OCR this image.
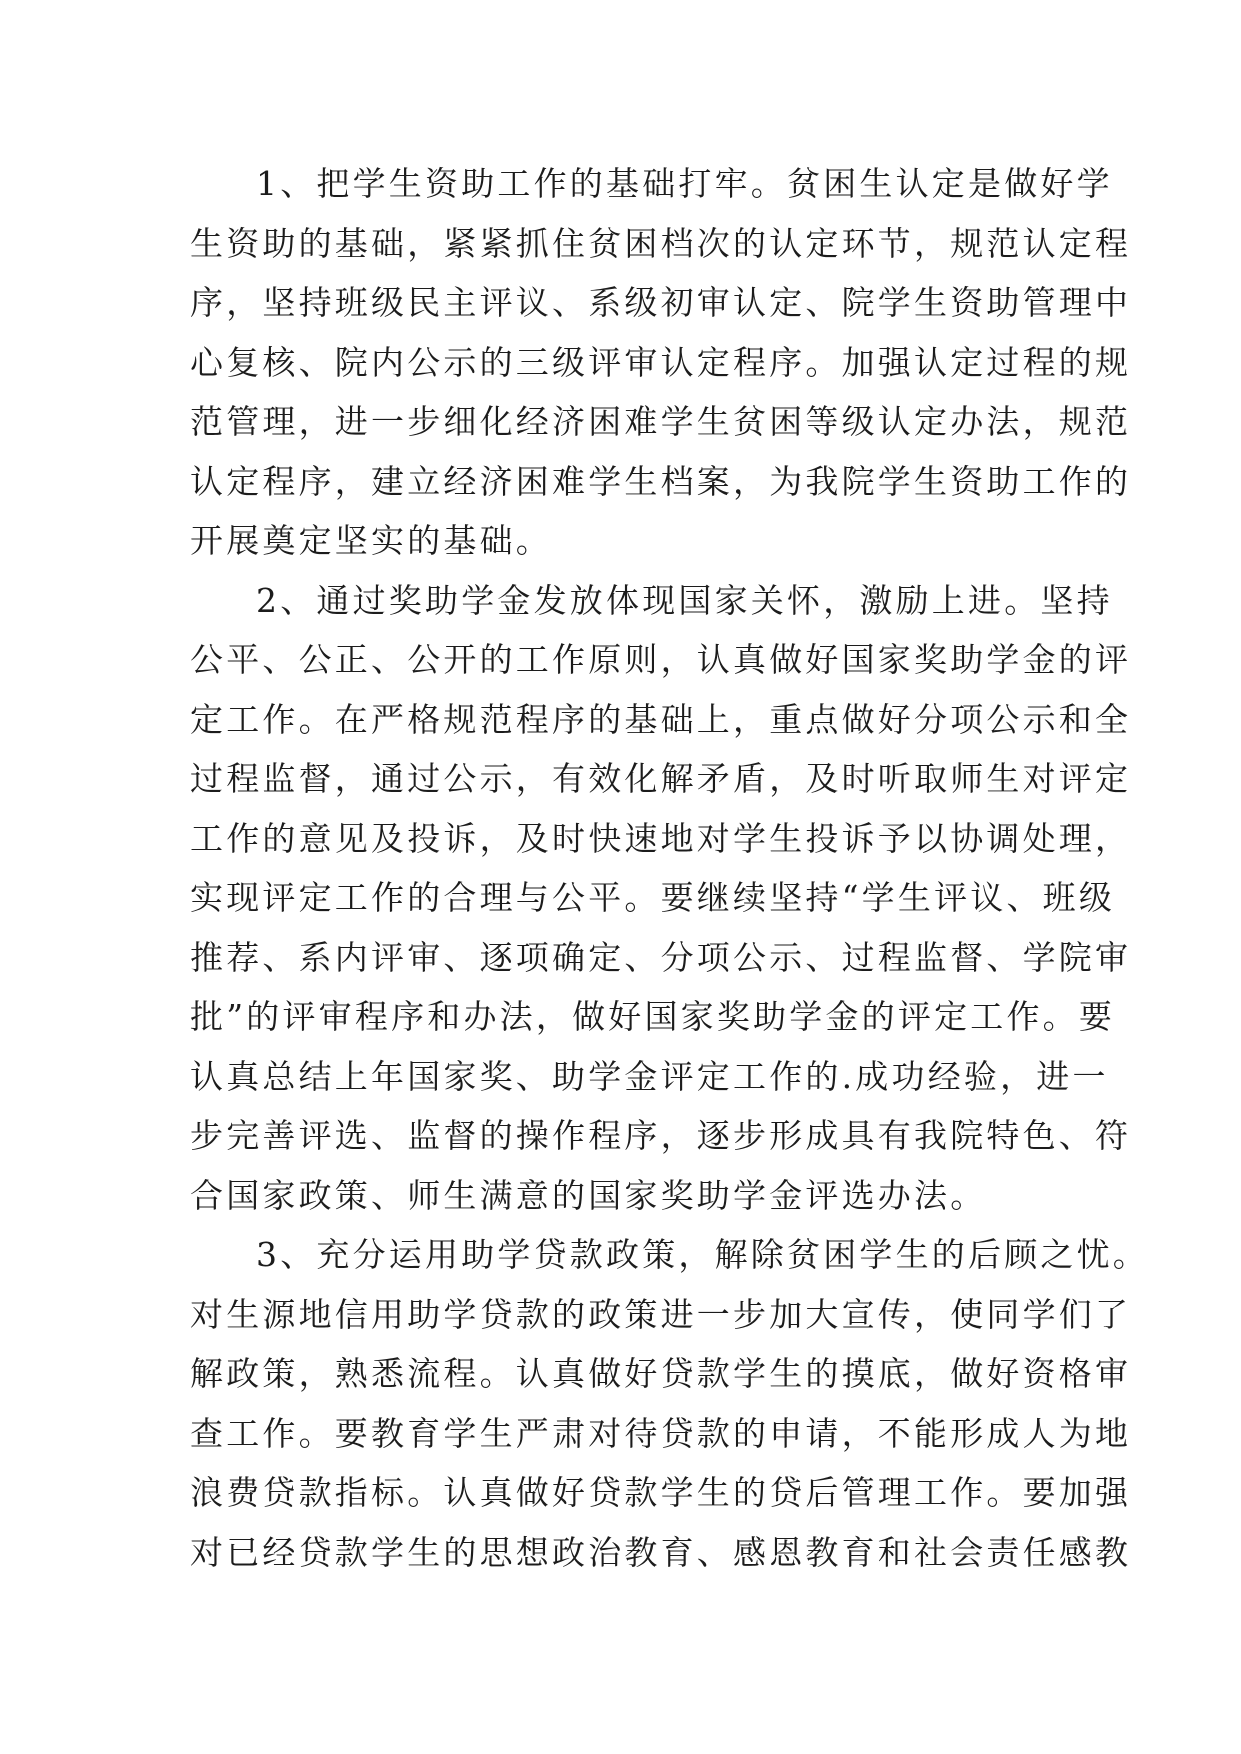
1、把学生资助工作的基础打牢。贫困生认定是做好学
生资助的基础，紧紧抓住贫困档次的认定环节，规范认定程
序，坚持班级民主评议、系级初审认定、院学生资助管理中
心复核、院内公示的三级评审认定程序。加强认定过程的规
范管理，进一步细化经济困难学生贫困等级认定办法，规范
认定程序，建立经济困难学生档案，为我院学生资助工作的
开展奠定坚实的基础。
2、通过奖助学金发放体现国家关怀，激励上进。坚持
公平、公正、公开的工作原则，认真做好国家奖助学金的评
定工作。在严格规范程序的基础上，重点做好分项公示和全
过程监督，通过公示，有效化解矛盾，及时听取师生对评定
工作的意见及投诉，及时快速地对学生投诉予以协调处理，
实现评定工作的合理与公平。要继续坚持“学生评议、班级
推荐、系内评审、逐项确定、分项公示、过程监督、学院审
批”的评审程序和办法，做好国家奖助学金的评定工作。要
认真总结上年国家奖、助学金评定工作的.成功经验，进一
步完善评选、监督的操作程序，逐步形成具有我院特色、符
合国家政策、师生满意的国家奖助学金评选办法。
3、充分运用助学贷款政策，解除贫困学生的后顾之忧。
对生源地信用助学贷款的政策进一步加大宣传，使同学们了
解政策，熟悉流程。认真做好贷款学生的摸底，做好资格审
查工作。要教育学生严肃对待贷款的申请，不能形成人为地
浪费贷款指标。认真做好贷款学生的贷后管理工作。要加强
对已经贷款学生的思想政治教育、感恩教育和社会责任感教
